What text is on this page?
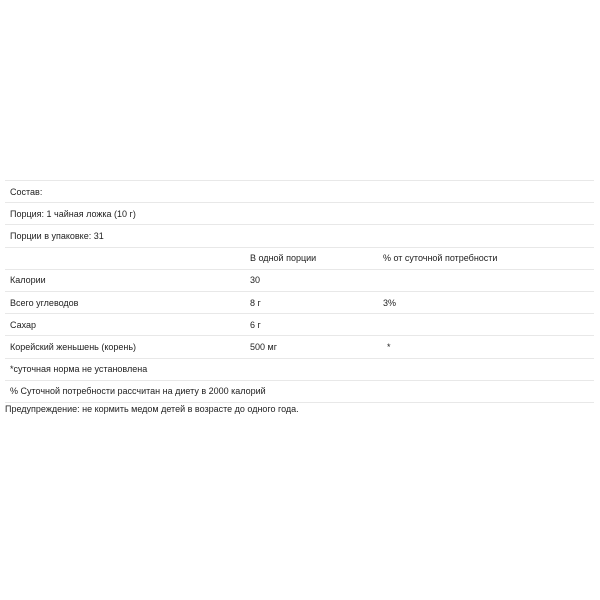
Состав:		
Порция: 1 чайная ложка (10 г)		
Порции в упаковке: 31		
	В одной порции	% от суточной потребности
Калории	30	
Всего углеводов	8 г	3%
Сахар	6 г	
Корейский женьшень (корень)	500 мг	*
*суточная норма не установлена		
% Суточной потребности рассчитан на диету в 2000 калорий		
Предупреждение: не кормить медом детей в возрасте до одного года.
